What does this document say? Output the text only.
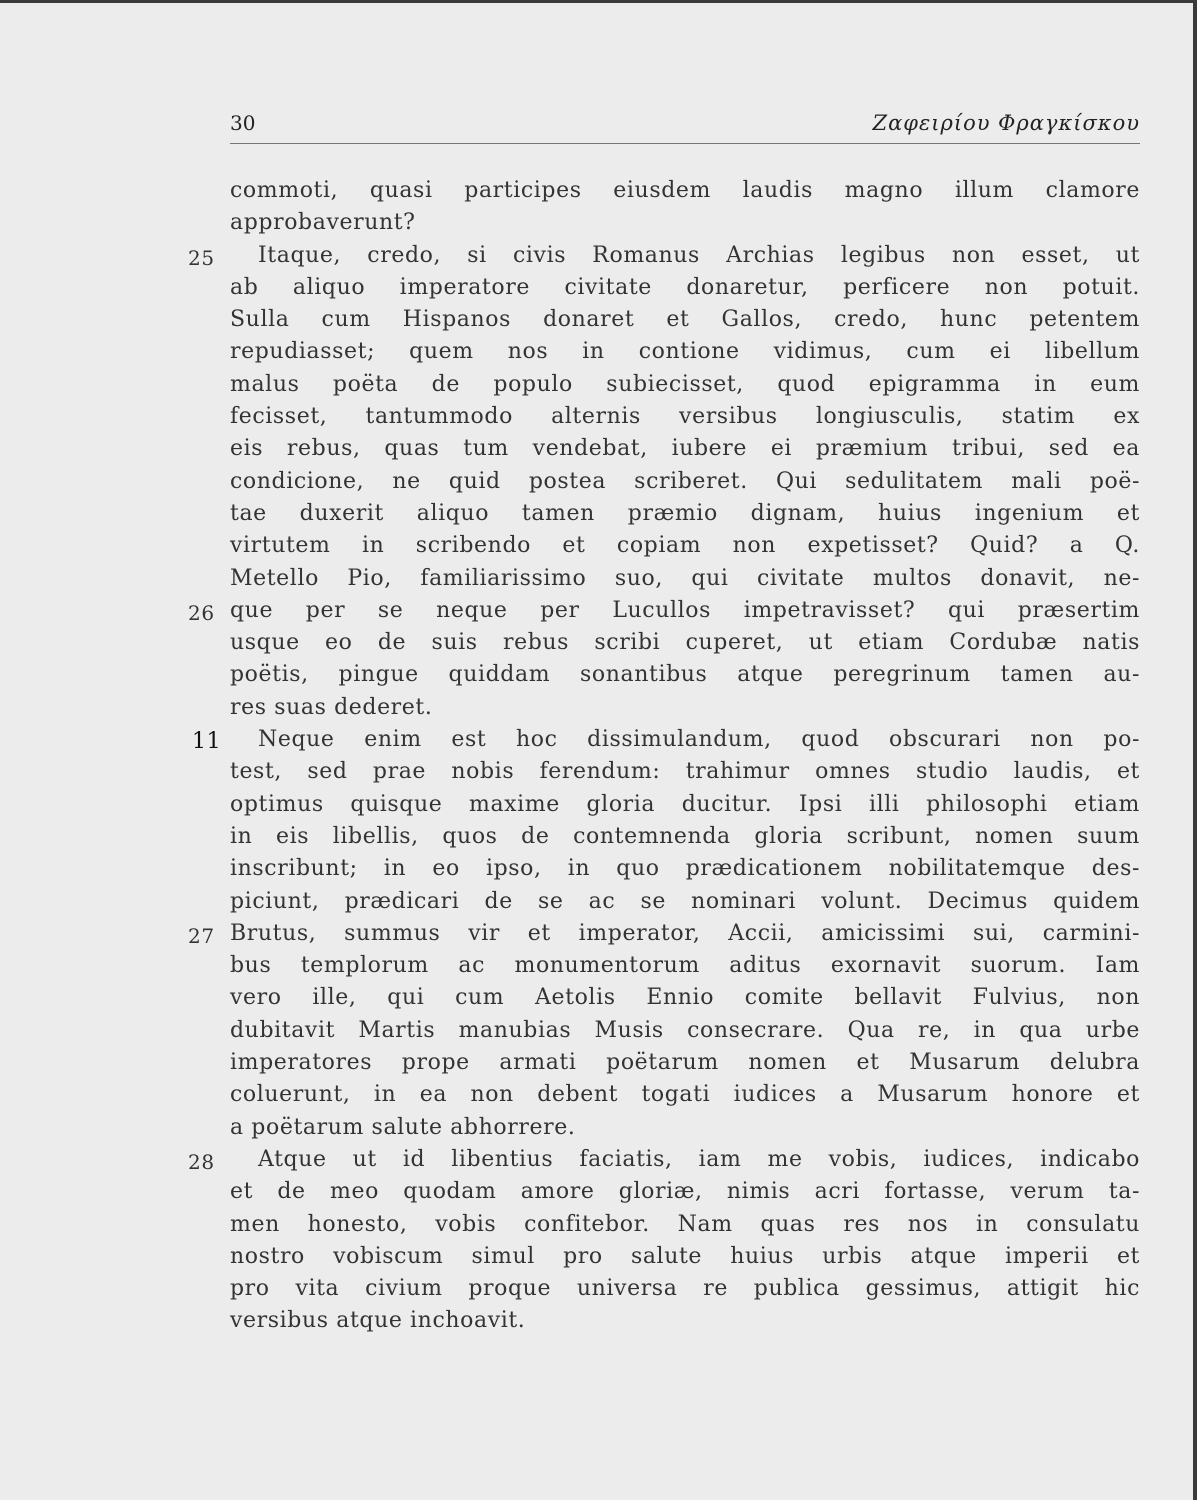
30	Ζαφειρίου Φραγκίσκου
commoti, quasi participes eiusdem laudis magno illum clamore
approbaverunt?
25 Itaque, credo, si civis Romanus Archias legibus non esset, ut
ab aliquo imperatore civitate donaretur, perficere non potuit.
Sulla cum Hispanos donaret et Gallos, credo, hunc petentem
repudiasset; quem nos in contione vidimus, cum ei libellum
malus poëta de populo subiecisset, quod epigramma in eum
fecisset, tantummodo alternis versibus longiusculis, statim ex
eis rebus, quas tum vendebat, iubere ei præmium tribui, sed ea
condicione, ne quid postea scriberet. Qui sedulitatem mali poë-
tae duxerit aliquo tamen præmio dignam, huius ingenium et
virtutem in scribendo et copiam non expetisset? Quid? a Q.
Metello Pio, familiarissimo suo, qui civitate multos donavit, ne-
26 que per se neque per Lucullos impetravisset? qui præsertim
usque eo de suis rebus scribi cuperet, ut etiam Cordubæ natis
poëtis, pingue quiddam sonantibus atque peregrinum tamen au-
res suas dederet.
11 Neque enim est hoc dissimulandum, quod obscurari non po-
test, sed prae nobis ferendum: trahimur omnes studio laudis, et
optimus quisque maxime gloria ducitur. Ipsi illi philosophi etiam
in eis libellis, quos de contemnenda gloria scribunt, nomen suum
inscribunt; in eo ipso, in quo prædicationem nobilitatemque des-
piciunt, prædicari de se ac se nominari volunt. Decimus quidem
27 Brutus, summus vir et imperator, Accii, amicissimi sui, carmini-
bus templorum ac monumentorum aditus exornavit suorum. Iam
vero ille, qui cum Aetolis Ennio comite bellavit Fulvius, non
dubitavit Martis manubias Musis consecrare. Qua re, in qua urbe
imperatores prope armati poëtarum nomen et Musarum delubra
coluerunt, in ea non debent togati iudices a Musarum honore et
a poëtarum salute abhorrere.
28 Atque ut id libentius faciatis, iam me vobis, iudices, indicabo
et de meo quodam amore gloriæ, nimis acri fortasse, verum ta-
men honesto, vobis confitebor. Nam quas res nos in consulatu
nostro vobiscum simul pro salute huius urbis atque imperii et
pro vita civium proque universa re publica gessimus, attigit hic
versibus atque inchoavit.
